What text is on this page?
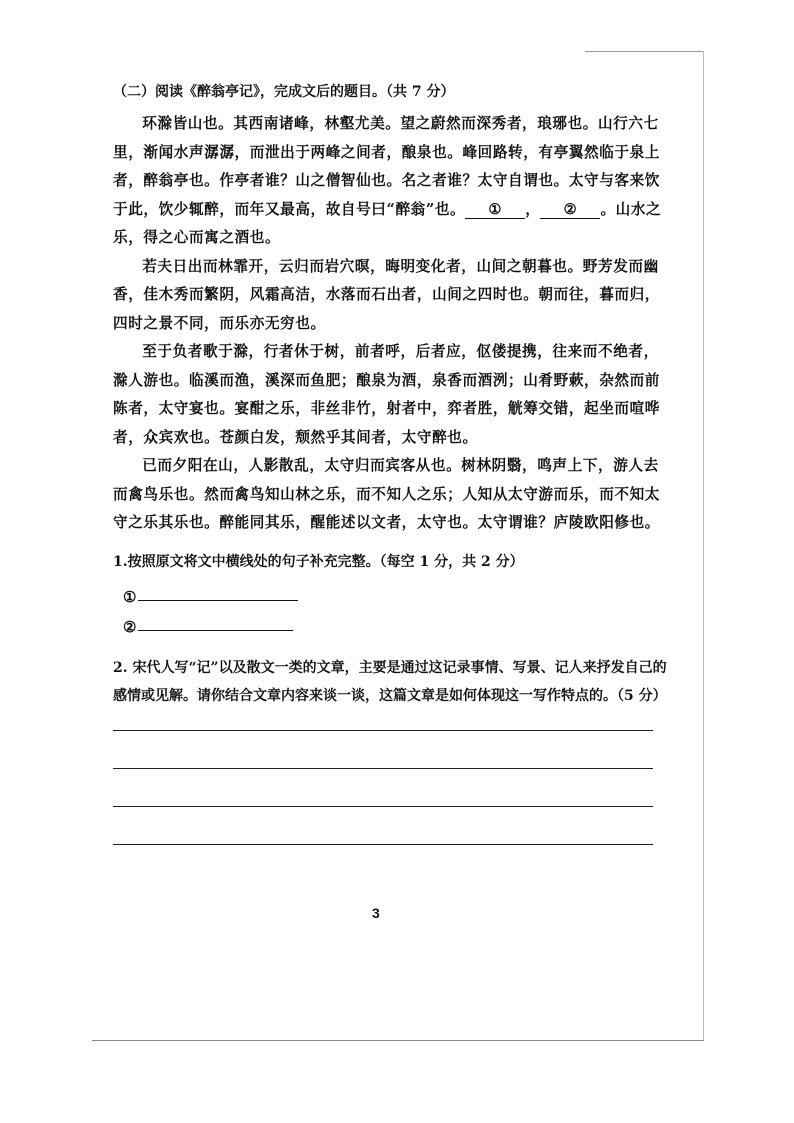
（二）阅读《醉翁亭记》，完成文后的题目。（共 7 分）

环滁皆山也。其西南诸峰，林壑尤美。望之蔚然而深秀者，琅琊也。山行六七里，渐闻水声潺潺，而泄出于两峰之间者，酿泉也。峰回路转，有亭翼然临于泉上者，醉翁亭也。作亭者谁？山之僧智仙也。名之者谁？太守自谓也。太守与客来饮于此，饮少辄醉，而年又最高，故自号曰“醉翁”也。 ① ， ② 。山水之乐，得之心而寓之酒也。

若夫日出而林霏开，云归而岩穴暝，晦明变化者，山间之朝暮也。野芳发而幽香，佳木秀而繁阴，风霜高洁，水落而石出者，山间之四时也。朝而往，暮而归，四时之景不同，而乐亦无穷也。

至于负者歌于滁，行者休于树，前者呼，后者应，伛偻提携，往来而不绝者，滁人游也。临溪而渔，溪深而鱼肥；酿泉为酒，泉香而酒洌；山肴野蔌，杂然而前陈者，太守宴也。宴酣之乐，非丝非竹，射者中，弈者胜，觥筹交错，起坐而喧哗者，众宾欢也。苍颜白发，颓然乎其间者，太守醉也。

已而夕阳在山，人影散乱，太守归而宾客从也。树林阴翳，鸣声上下，游人去而禽鸟乐也。然而禽鸟知山林之乐，而不知人之乐；人知从太守游而乐，而不知太守之乐其乐也。醉能同其乐，醒能述以文者，太守也。太守谓谁？庐陵欧阳修也。

1.按照原文将文中横线处的句子补充完整。（每空 1 分，共 2 分）
①
②
2. 宋代人写“记”以及散文一类的文章，主要是通过这记录事情、写景、记人来抒发自己的感情或见解。请你结合文章内容来谈一谈，这篇文章是如何体现这一写作特点的。（5 分）
3
